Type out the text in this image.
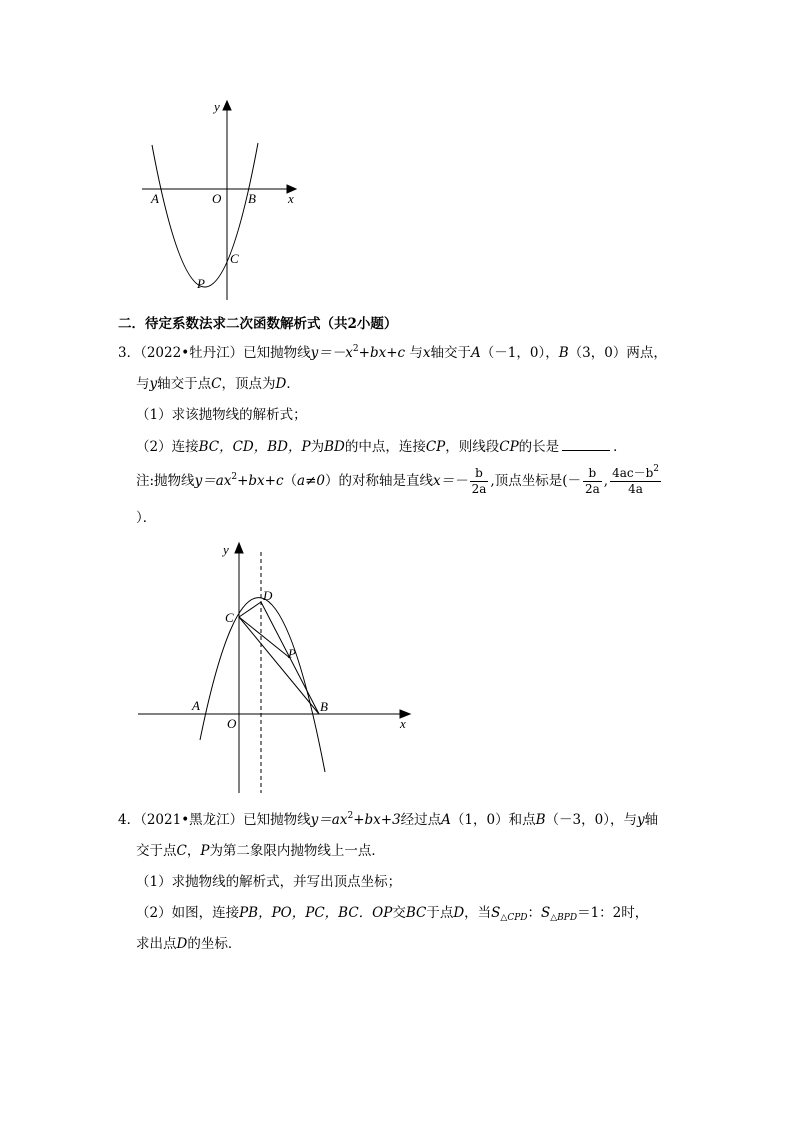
y
x
A	O B
C
P
二．待定系数法求二次函数解析式（共2小题）
3．（2022•牡丹江）已知抛物线$y=-x^2+bx+c$ 与x轴交于A（－1，0），B（3，0）两点，
与y轴交于点C，顶点为D．
（1）求该抛物线的解析式；
（2）连接BC，CD，BD，P为BD的中点，连接CP，则线段CP的长是	．
注:抛物线$y=ax^2+bx+c(a\ne 0)$的对称轴是直线$x=- \frac{b}{2a}$ ,顶点坐标是(－ $\frac{b}{2a}$ , $\frac{4ac-b^2}{4a}$
）．
y
x
C
D
P
A
O
B
4．（2021•黑龙江）已知抛物线$y=ax^2+bx+3$经过点A（1，0）和点B（－3，0），与y轴
交于点C，P为第二象限内抛物线上一点．
（1）求抛物线的解析式，并写出顶点坐标；
（2）如图，连接PB，PO，PC，BC．OP交BC于点D，当$S_{\triangle CPD}$：$S_{\triangle BPD}=1$：2时，
求出点D的坐标．
